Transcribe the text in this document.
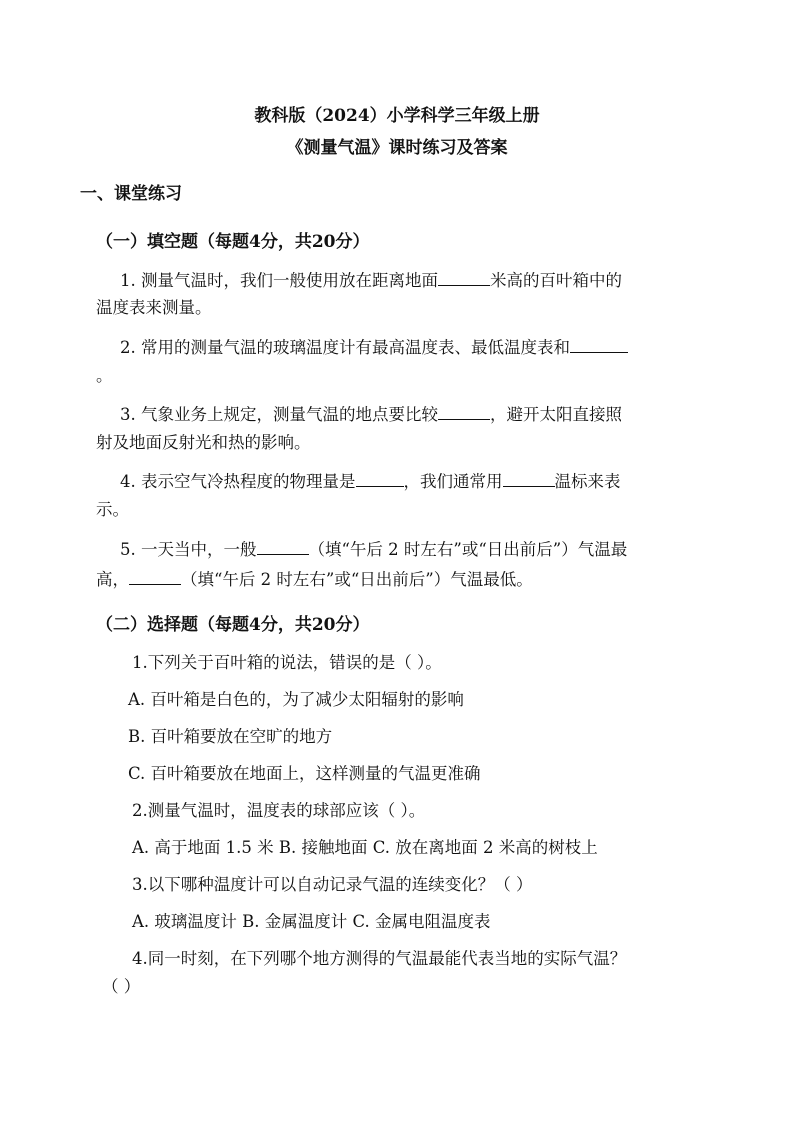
教科版（2024）小学科学三年级上册
《测量气温》课时练习及答案
一、课堂练习
（一）填空题（每题4分，共20分）
1. 测量气温时，我们一般使用放在距离地面	米高的百叶箱中的
温度表来测量。
2. 常用的测量气温的玻璃温度计有最高温度表、最低温度表和
。
3. 气象业务上规定，测量气温的地点要比较	，避开太阳直接照
射及地面反射光和热的影响。
4. 表示空气冷热程度的物理量是	，我们通常用	温标来表
示。
5. 一天当中，一般	（填“午后 2 时左右”或“日出前后”）气温最
高，	（填“午后 2 时左右”或“日出前后”）气温最低。
（二）选择题（每题4分，共20分）
1.下列关于百叶箱的说法，错误的是（ ）。
A. 百叶箱是白色的，为了减少太阳辐射的影响
B. 百叶箱要放在空旷的地方
C. 百叶箱要放在地面上，这样测量的气温更准确
2.测量气温时，温度表的球部应该（ ）。
A. 高于地面 1.5 米 B. 接触地面 C. 放在离地面 2 米高的树枝上
3.以下哪种温度计可以自动记录气温的连续变化？（ ）
A. 玻璃温度计 B. 金属温度计 C. 金属电阻温度表
4.同一时刻，在下列哪个地方测得的气温最能代表当地的实际气温？
（ ）
